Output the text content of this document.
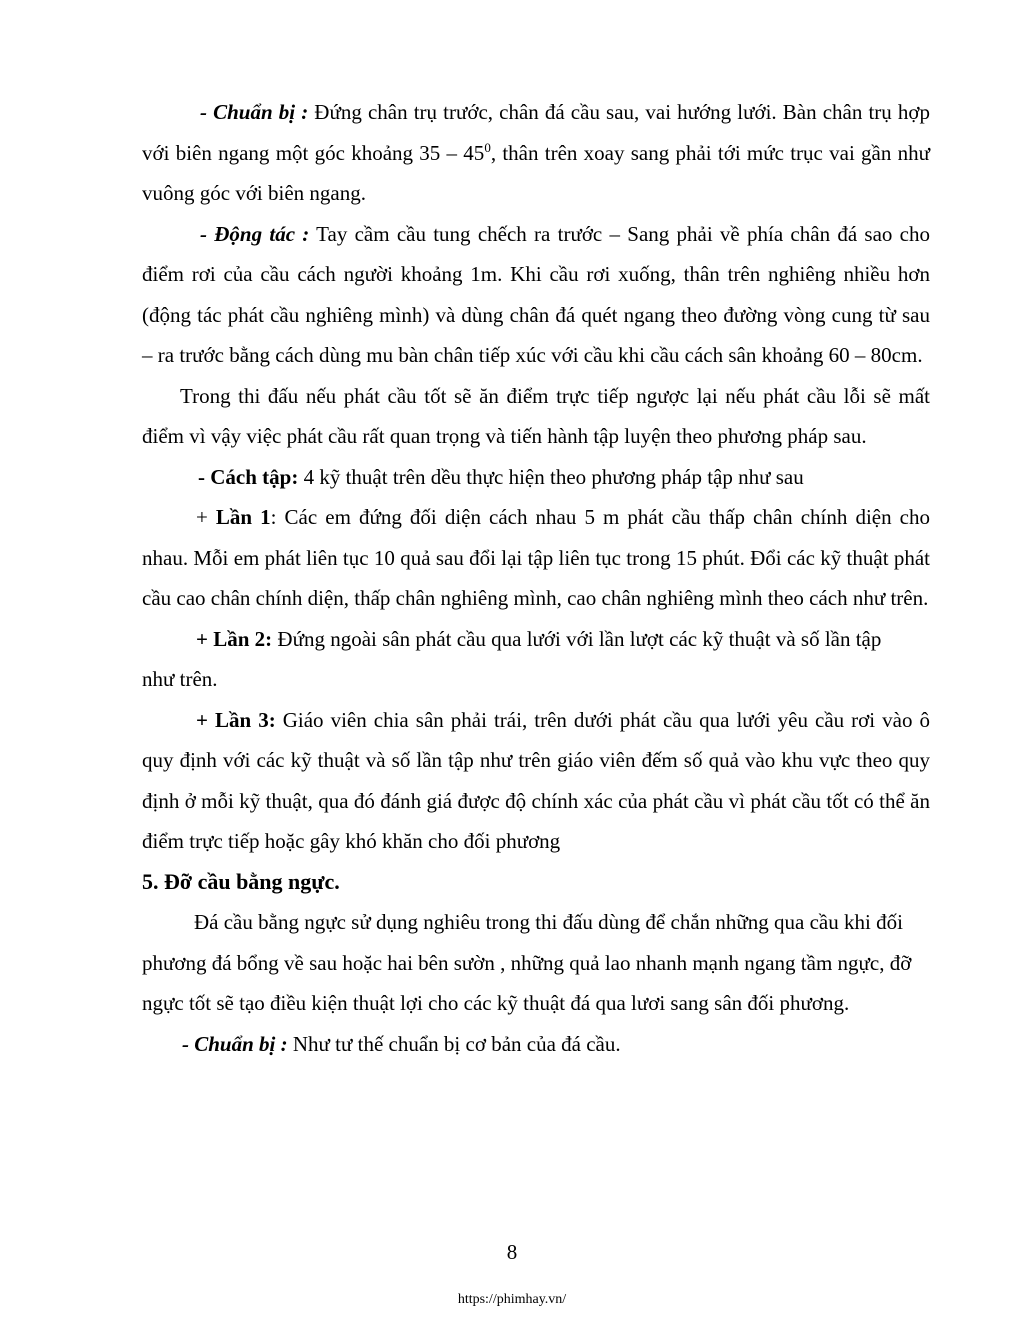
- Chuẩn bị : Đứng chân trụ trước, chân đá cầu sau, vai hướng lưới. Bàn chân trụ hợp với biên ngang một góc khoảng $35 - 45^0$, thân trên xoay sang phải tới mức trục vai gần như vuông góc với biên ngang.

- Động tác : Tay cầm cầu tung chếch ra trước – Sang phải về phía chân đá sao cho điểm rơi của cầu cách người khoảng 1m. Khi cầu rơi xuống, thân trên nghiêng nhiều hơn (động tác phát cầu nghiêng mình) và dùng chân đá quét ngang theo đường vòng cung từ sau – ra trước bằng cách dùng mu bàn chân tiếp xúc với cầu khi cầu cách sân khoảng 60 – 80cm.

Trong thi đấu nếu phát cầu tốt sẽ ăn điểm trực tiếp ngược lại nếu phát cầu lỗi sẽ mất điểm vì vậy việc phát cầu rất quan trọng và tiến hành tập luyện theo phương pháp sau.

- Cách tập: 4 kỹ thuật trên dều thực hiện theo phương pháp tập như sau

+ Lần 1: Các em đứng đối diện cách nhau 5 m phát cầu thấp chân chính diện cho nhau. Mỗi em phát liên tục 10 quả sau đổi lại tập liên tục trong 15 phút. Đổi các kỹ thuật phát cầu cao chân chính diện, thấp chân nghiêng mình, cao chân nghiêng mình theo cách như trên.

+ Lần 2: Đứng ngoài sân phát cầu qua lưới với lần lượt các kỹ thuật và số lần tập như trên.

+ Lần 3: Giáo viên chia sân phải trái, trên dưới phát cầu qua lưới yêu cầu rơi vào ô quy định với các kỹ thuật và số lần tập như trên giáo viên đếm số quả vào khu vực theo quy định ở mỗi kỹ thuật, qua đó đánh giá được độ chính xác của phát cầu vì phát cầu tốt có thể ăn điểm trực tiếp hoặc gây khó khăn cho đối phương

5. Đỡ cầu bằng ngực.

Đá cầu bằng ngực sử dụng nghiêu trong thi đấu dùng để chắn những qua cầu khi đối phương đá bổng về sau hoặc hai bên sườn , những quả lao nhanh mạnh ngang tầm ngực, đỡ ngực tốt sẽ tạo điều kiện thuật lợi cho các kỹ thuật đá qua lươi sang sân đối phương.

- Chuẩn bị : Như tư thế chuẩn bị cơ bản của đá cầu.

8
https://phimhay.vn/
